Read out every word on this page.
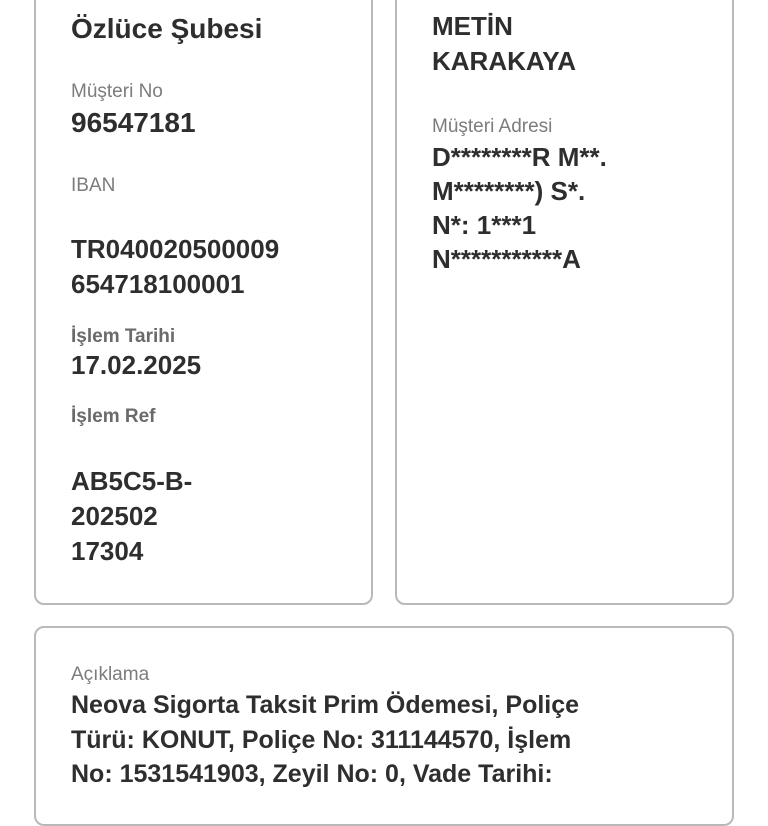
Özlüce Şubesi
Müşteri No
96547181
IBAN
TR040020500009
654718100001
İşlem Tarihi
17.02.2025
İşlem Ref
AB5C5-B-
202502
17304
METİN
KARAKAYA
Müşteri Adresi
D********R M**.
M********) S*.
N*: 1***1
N***********A
Açıklama
Neova Sigorta Taksit Prim Ödemesi, Poliçe
Türü: KONUT, Poliçe No: 311144570, İşlem
No: 1531541903, Zeyil No: 0, Vade Tarihi:
